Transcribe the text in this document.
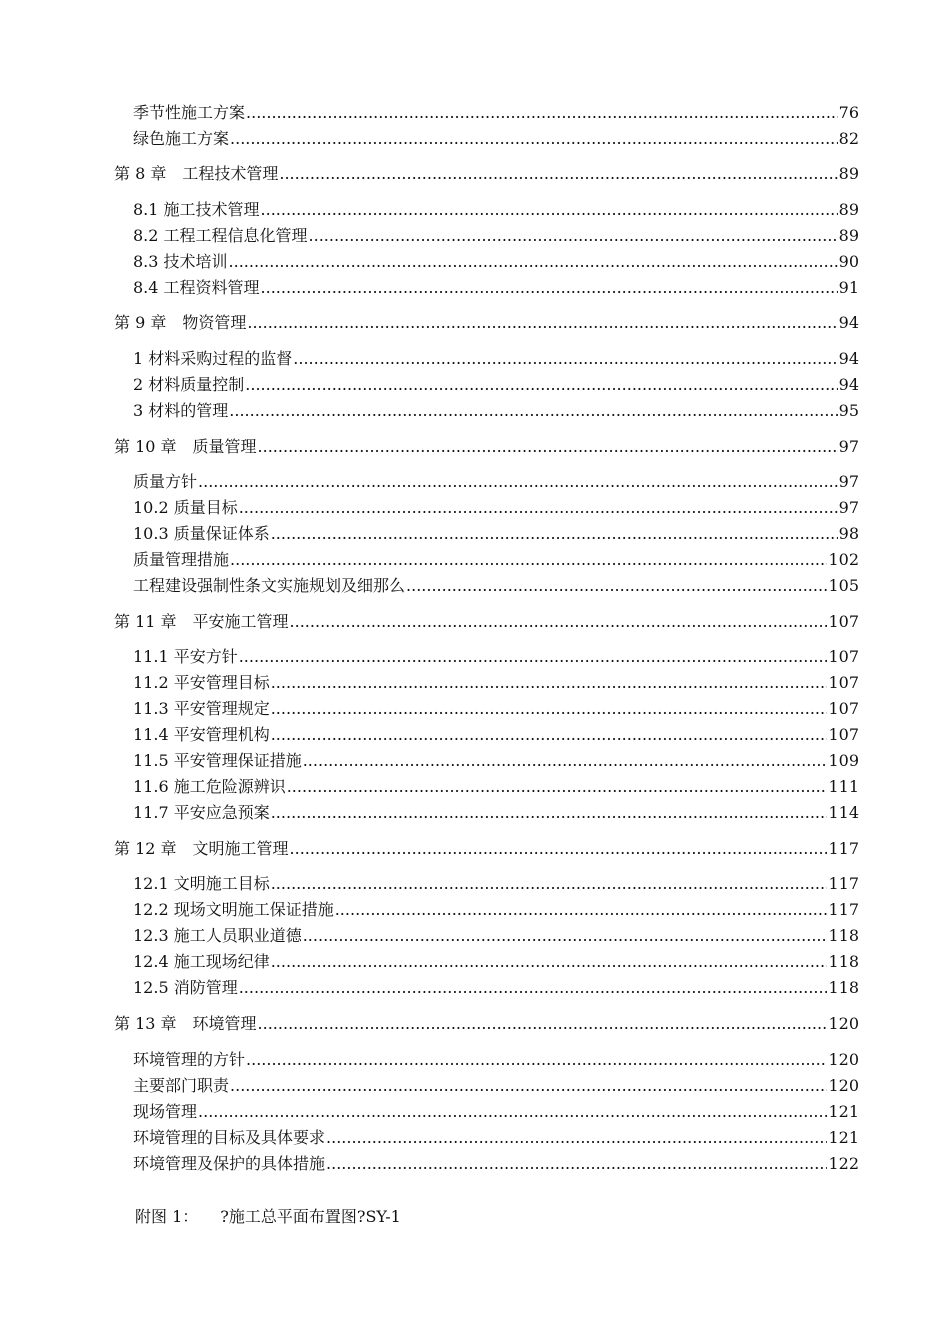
季节性施工方案 .....	76
绿色施工方案 .....	82
第 8 章　工程技术管理 .....	89
8.1 施工技术管理 .....	89
8.2 工程工程信息化管理 .....	89
8.3 技术培训 .....	90
8.4 工程资料管理 .....	91
第 9 章　物资管理 .....	94
1 材料采购过程的监督 .....	94
2 材料质量控制 .....	94
3 材料的管理 .....	95
第 10 章　质量管理 .....	97
质量方针 .....	97
10.2 质量目标 .....	97
10.3 质量保证体系 .....	98
质量管理措施 .....	102
工程建设强制性条文实施规划及细那么 .....	105
第 11 章　平安施工管理 .....	107
11.1 平安方针 .....	107
11.2 平安管理目标 .....	107
11.3 平安管理规定 .....	107
11.4 平安管理机构 .....	107
11.5 平安管理保证措施 .....	109
11.6 施工危险源辨识 .....	111
11.7 平安应急预案 .....	114
第 12 章　文明施工管理 .....	117
12.1 文明施工目标 .....	117
12.2 现场文明施工保证措施 .....	117
12.3 施工人员职业道德 .....	118
12.4 施工现场纪律 .....	118
12.5 消防管理 .....	118
第 13 章　环境管理 .....	120
环境管理的方针 .....	120
主要部门职责 .....	120
现场管理 .....	121
环境管理的目标及具体要求 .....	121
环境管理及保护的具体措施 .....	122
附图 1： ?施工总平面布置图?SY-1
